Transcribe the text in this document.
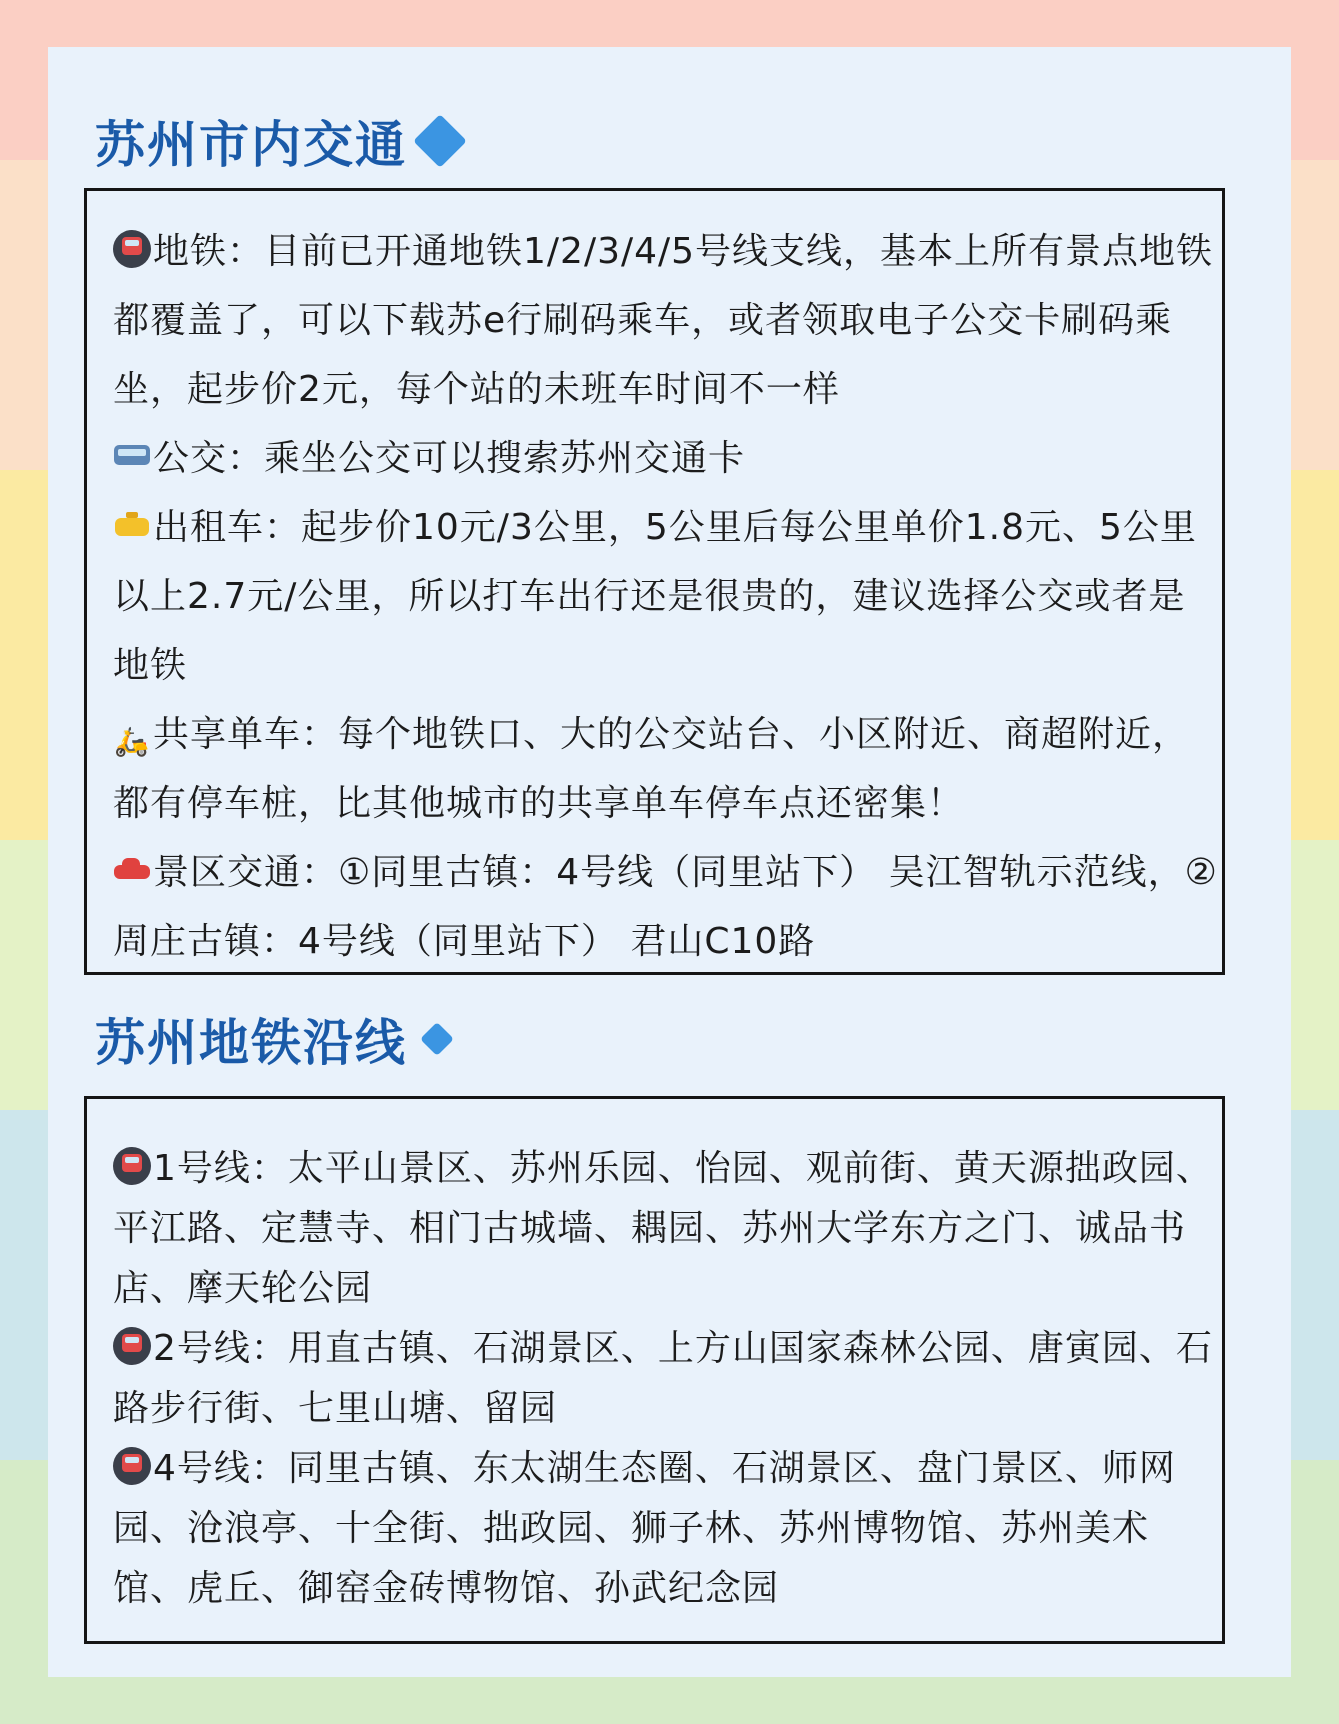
苏州市内交通
地铁：目前已开通地铁1/2/3/4/5号线支线，基本上所有景点地铁都覆盖了，可以下载苏e行刷码乘车，或者领取电子公交卡刷码乘坐，起步价2元，每个站的未班车时间不一样
公交：乘坐公交可以搜索苏州交通卡
出租车：起步价10元/3公里，5公里后每公里单价1.8元、5公里以上2.7元/公里，所以打车出行还是很贵的，建议选择公交或者是地铁
🛵共享单车：每个地铁口、大的公交站台、小区附近、商超附近，都有停车桩，比其他城市的共享单车停车点还密集！
景区交通：①同里古镇：4号线（同里站下） 吴江智轨示范线，②周庄古镇：4号线（同里站下） 君山C10路
苏州地铁沿线
1号线：太平山景区、苏州乐园、怡园、观前街、黄天源拙政园、平江路、定慧寺、相门古城墙、耦园、苏州大学东方之门、诚品书店、摩天轮公园
2号线：用直古镇、石湖景区、上方山国家森林公园、唐寅园、石路步行街、七里山塘、留园
4号线：同里古镇、东太湖生态圈、石湖景区、盘门景区、师网园、沧浪亭、十全街、拙政园、狮子林、苏州博物馆、苏州美术馆、虎丘、御窑金砖博物馆、孙武纪念园
